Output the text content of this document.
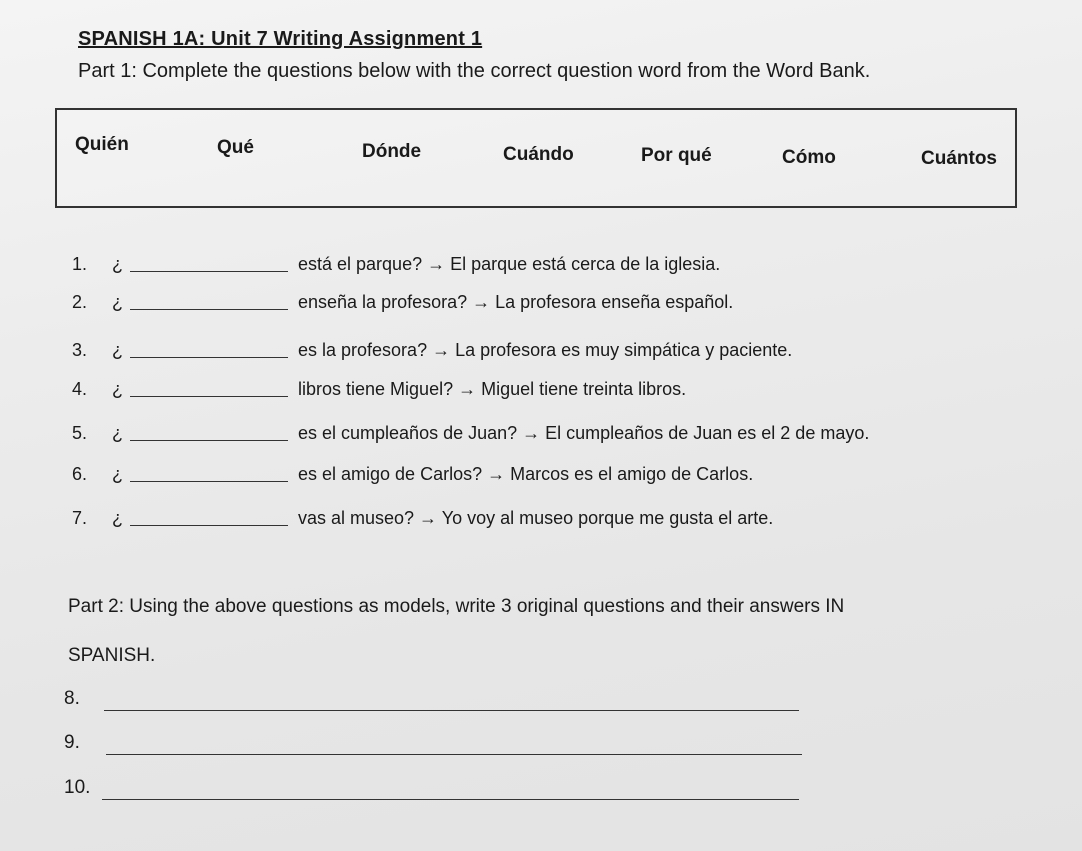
SPANISH 1A: Unit 7 Writing Assignment 1
Part 1: Complete the questions below with the correct question word from the Word Bank.
Quién	Qué	Dónde	Cuándo	Por qué	Cómo	Cuántos
1. ¿	está el parque? → El parque está cerca de la iglesia.
2. ¿	enseña la profesora? → La profesora enseña español.
3. ¿	es la profesora? → La profesora es muy simpática y paciente.
4. ¿	libros tiene Miguel? → Miguel tiene treinta libros.
5. ¿	es el cumpleaños de Juan? → El cumpleaños de Juan es el 2 de mayo.
6. ¿	es el amigo de Carlos? → Marcos es el amigo de Carlos.
7. ¿	vas al museo? → Yo voy al museo porque me gusta el arte.
Part 2: Using the above questions as models, write 3 original questions and their answers IN
SPANISH.
8.
9.
10.
